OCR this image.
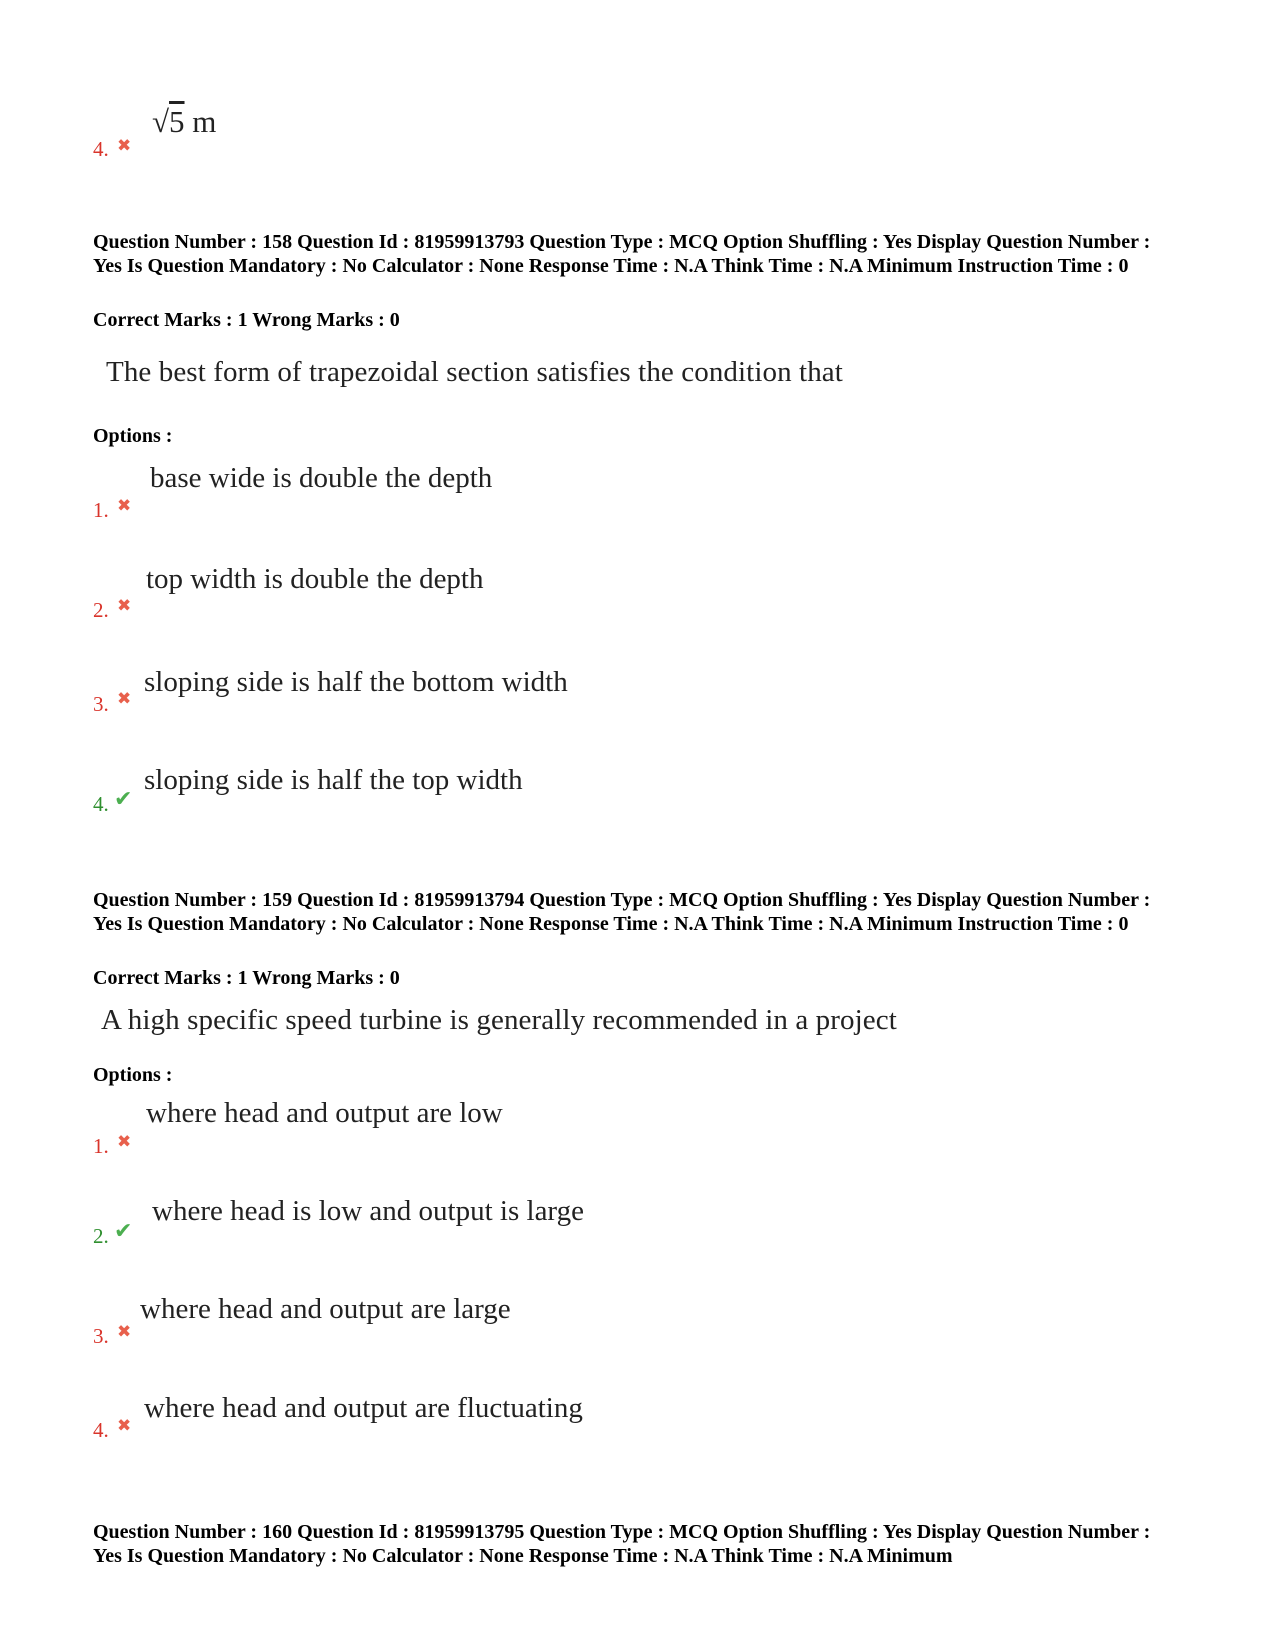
√5 m
4. ✖
Question Number : 158 Question Id : 81959913793 Question Type : MCQ Option Shuffling : Yes Display Question Number : Yes Is Question Mandatory : No Calculator : None Response Time : N.A Think Time : N.A Minimum Instruction Time : 0
Correct Marks : 1 Wrong Marks : 0
The best form of trapezoidal section satisfies the condition that
Options :
base wide is double the depth
1. ✖
top width is double the depth
2. ✖
sloping side is half the bottom width
3. ✖
sloping side is half the top width
4. ✔
Question Number : 159 Question Id : 81959913794 Question Type : MCQ Option Shuffling : Yes Display Question Number : Yes Is Question Mandatory : No Calculator : None Response Time : N.A Think Time : N.A Minimum Instruction Time : 0
Correct Marks : 1 Wrong Marks : 0
A high specific speed turbine is generally recommended in a project
Options :
where head and output are low
1. ✖
where head is low and output is large
2. ✔
where head and output are large
3. ✖
where head and output are fluctuating
4. ✖
Question Number : 160 Question Id : 81959913795 Question Type : MCQ Option Shuffling : Yes Display Question Number : Yes Is Question Mandatory : No Calculator : None Response Time : N.A Think Time : N.A Minimum
